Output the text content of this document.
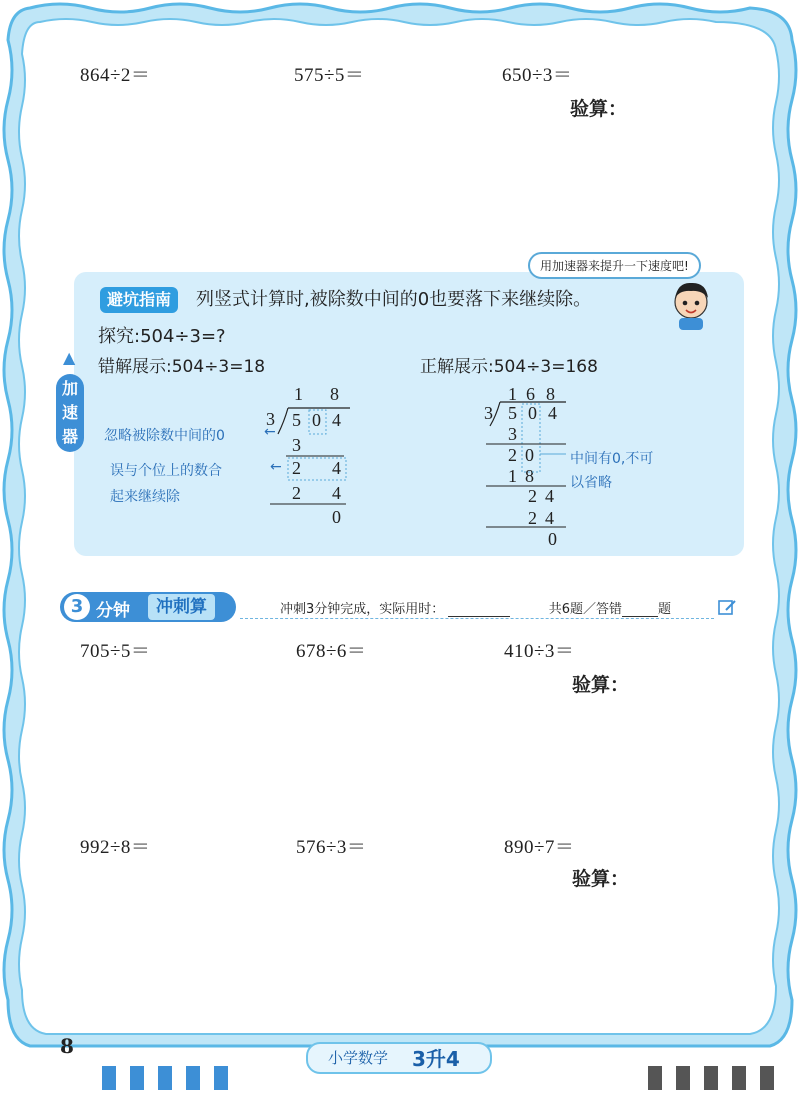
864÷2＝	575÷5＝	650÷3＝
验算：
用加速器来提升一下速度吧!
避坑指南	列竖式计算时,被除数中间的0也要落下来继续除。
探究:504÷3=?
错解展示:504÷3=18	正解展示:504÷3=168
▲
加
速
器
1 8
3 5 0 4
3
2 4
2 4
0
忽略被除数中间的0	←
误与个位上的数合	←
起来继续除
1 6 8
3 5 0 4
3
20
18
24
24
0
中间有0,不可
以省略
3 分钟	冲刺算	冲刺3分钟完成，实际用时：	共6题／答错	题
705÷5＝	678÷6＝	410÷3＝
验算：
992÷8＝	576÷3＝	890÷7＝
验算：
8	小学数学 3升4
